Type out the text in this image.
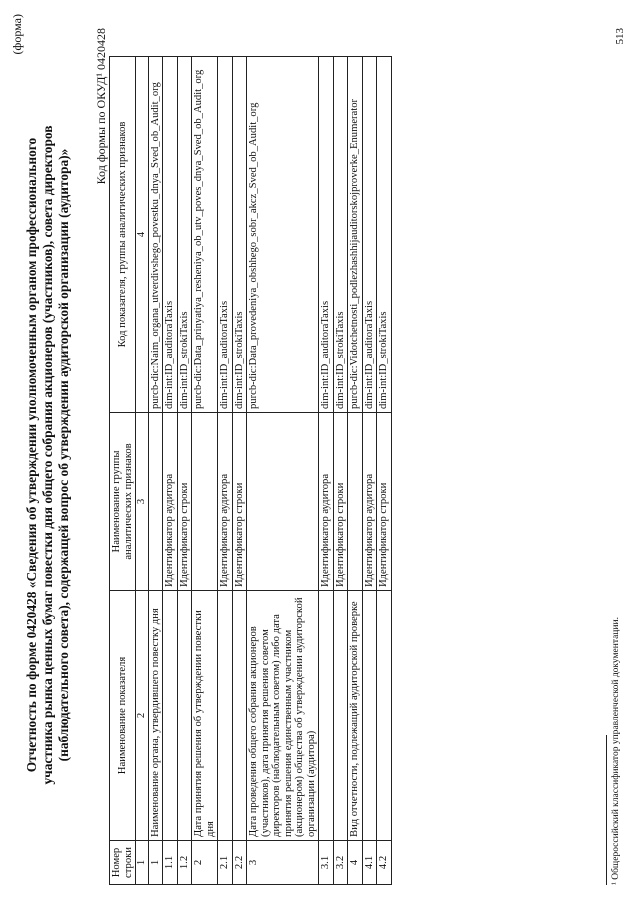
(форма)
Отчетность по форме 0420428 «Сведения об утверждении уполномоченным органом профессионального участника рынка ценных бумаг повестки дня общего собрания акционеров (участников), совета директоров (наблюдательного совета), содержащей вопрос об утверждении аудиторской организации (аудитора)»
Код формы по ОКУД¹ 0420428
Номер строки	Наименование показателя	Наименование группы аналитических признаков	Код показателя, группы аналитических признаков
1	2	3	4
1	Наименование органа, утвердившего повестку дня		purcb-dic:Naim_organa_utverdivshego_povestku_dnya_Sved_ob_Audit_org
1.1		Идентификатор аудитора	dim-int:ID_auditoraTaxis
1.2		Идентификатор строки	dim-int:ID_strokiTaxis
2	Дата принятия решения об утверждении повестки дня		purcb-dic:Data_prinyatiya_resheniya_ob_utv_poves_dnya_Sved_ob_Audit_org
2.1		Идентификатор аудитора	dim-int:ID_auditoraTaxis
2.2		Идентификатор строки	dim-int:ID_strokiTaxis
3	Дата проведения общего собрания акционеров (участников), дата принятия решения советом директоров (наблюдательным советом) либо дата принятия решения единственным участником (акционером) общества об утверждении аудиторской организации (аудитора)		purcb-dic:Data_provedeniya_obshhego_sobr_akcz_Sved_ob_Audit_org
3.1		Идентификатор аудитора	dim-int:ID_auditoraTaxis
3.2		Идентификатор строки	dim-int:ID_strokiTaxis
4	Вид отчетности, подлежащий аудиторской проверке		purcb-dic:Vidotchetnosti_podlezhashhijauditorskojproverke_Enumerator
4.1		Идентификатор аудитора	dim-int:ID_auditoraTaxis
4.2		Идентификатор строки	dim-int:ID_strokiTaxis
¹ Общероссийский классификатор управленческой документации.
513
